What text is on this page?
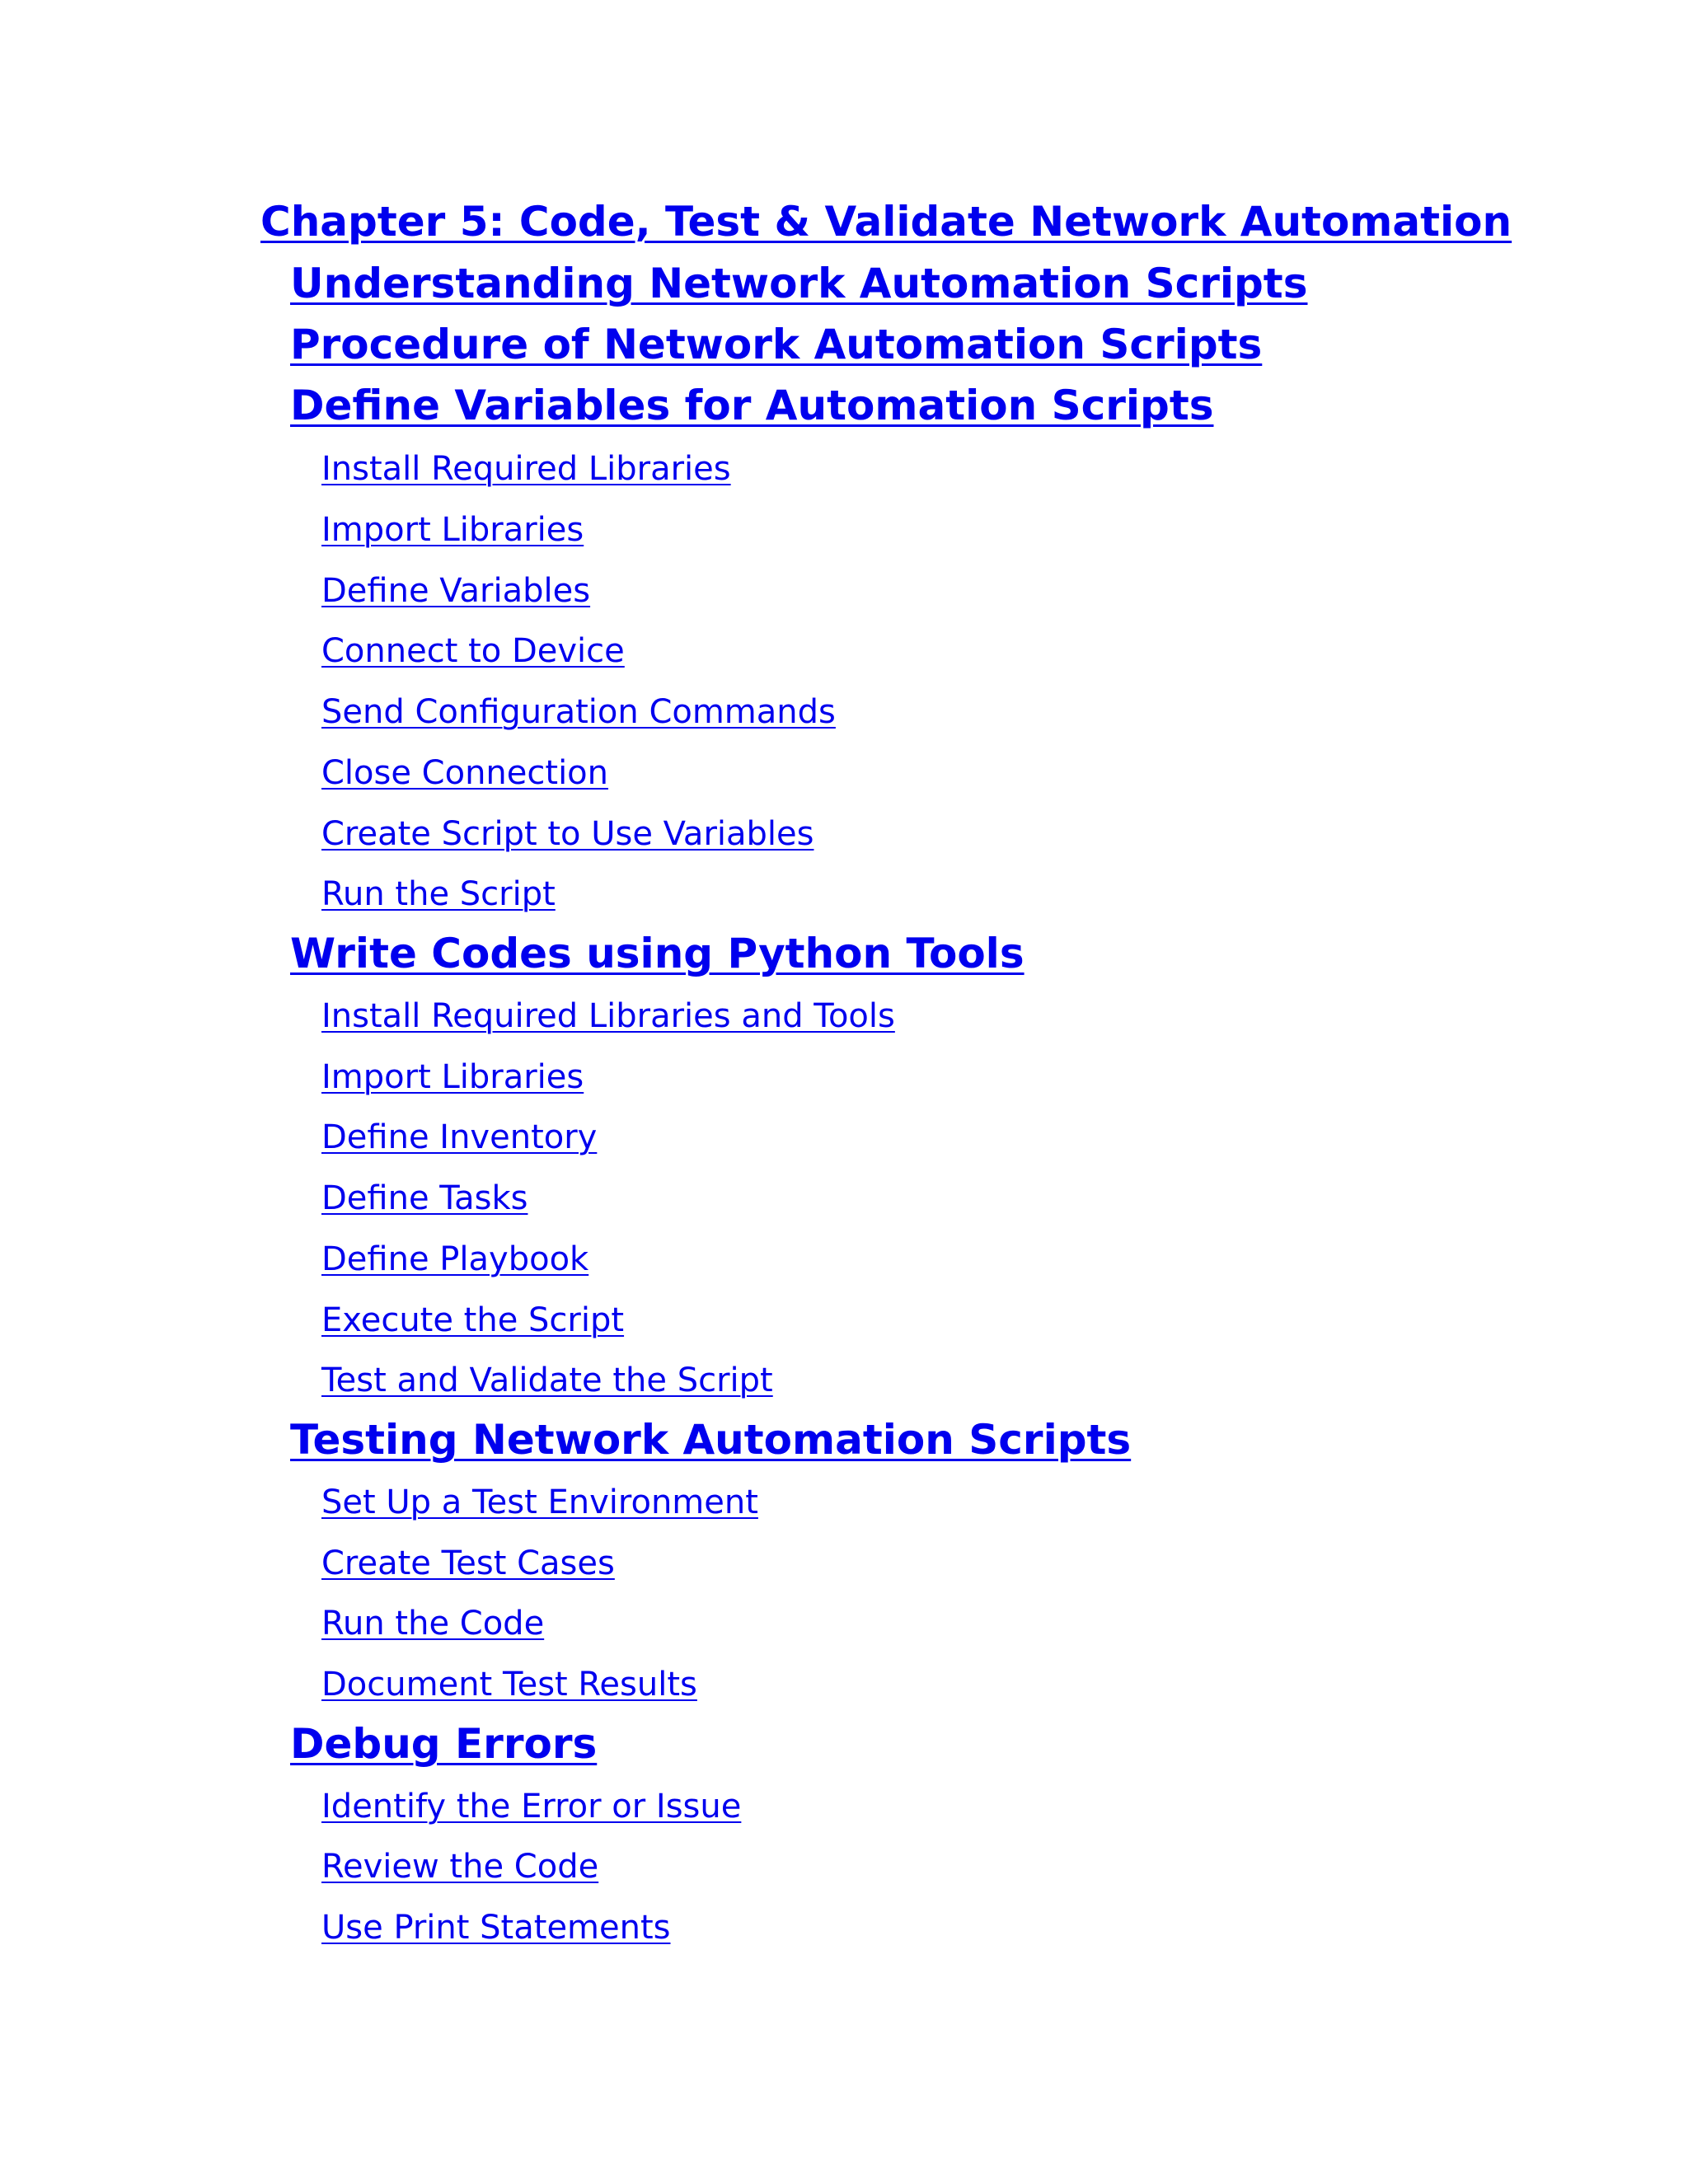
Chapter 5: Code, Test & Validate Network Automation
Understanding Network Automation Scripts
Procedure of Network Automation Scripts
Define Variables for Automation Scripts
Install Required Libraries
Import Libraries
Define Variables
Connect to Device
Send Configuration Commands
Close Connection
Create Script to Use Variables
Run the Script
Write Codes using Python Tools
Install Required Libraries and Tools
Import Libraries
Define Inventory
Define Tasks
Define Playbook
Execute the Script
Test and Validate the Script
Testing Network Automation Scripts
Set Up a Test Environment
Create Test Cases
Run the Code
Document Test Results
Debug Errors
Identify the Error or Issue
Review the Code
Use Print Statements
